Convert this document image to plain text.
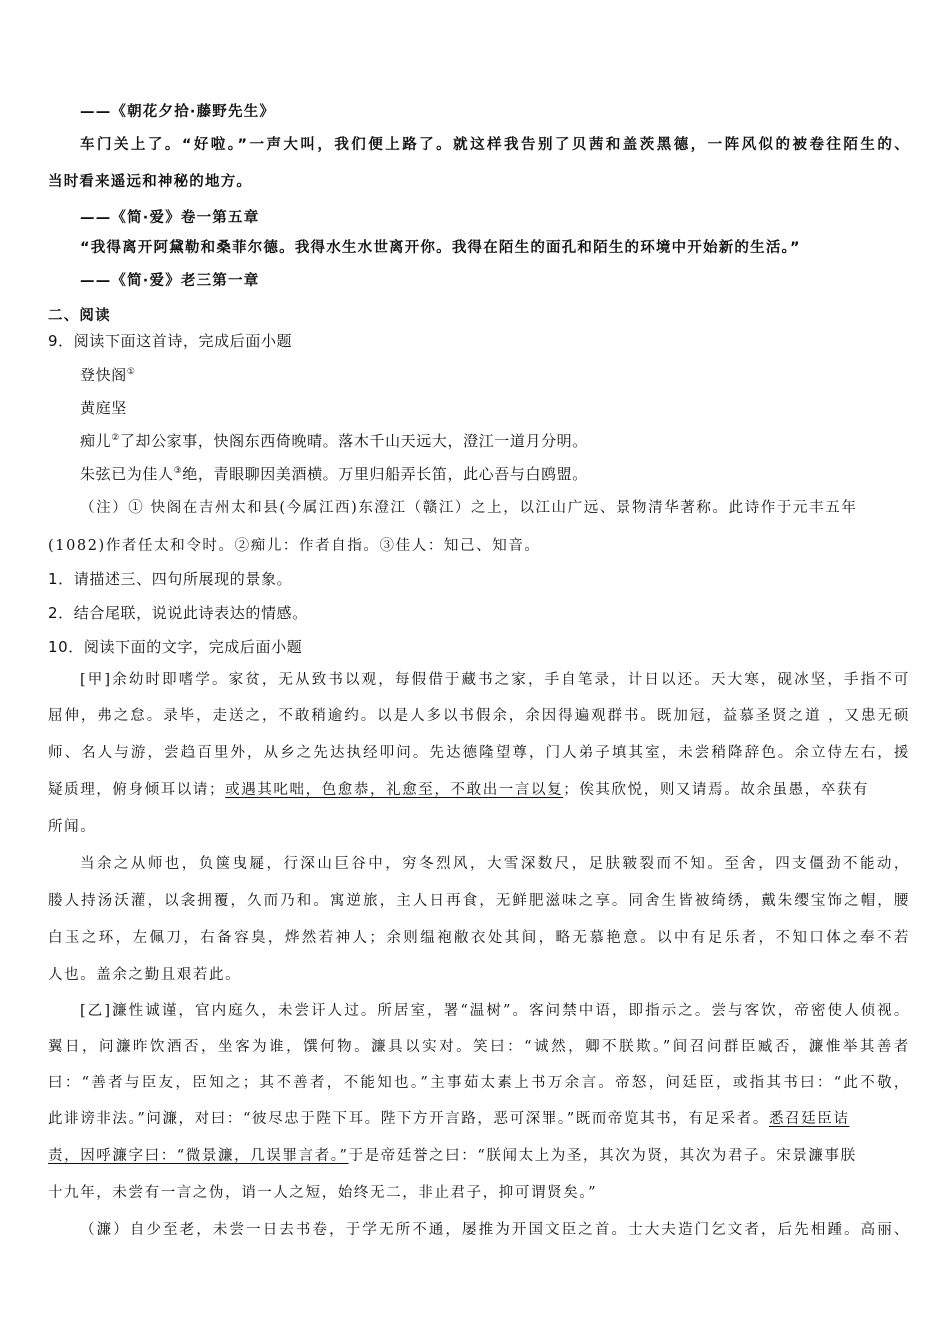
——《朝花夕拾·藤野先生》
车门关上了。“好啦。”一声大叫，我们便上路了。就这样我告别了贝茜和盖茨黑德，一阵风似的被卷往陌生的、
当时看来遥远和神秘的地方。
——《简·爱》卷一第五章
“我得离开阿黛勒和桑菲尔德。我得水生水世离开你。我得在陌生的面孔和陌生的环境中开始新的生活。”
——《简·爱》老三第一章
二、阅读
9．阅读下面这首诗，完成后面小题
登快阁①
黄庭坚
痴儿②了却公家事，快阁东西倚晚晴。落木千山天远大，澄江一道月分明。
朱弦已为佳人③绝，青眼聊因美酒横。万里归船弄长笛，此心吾与白鸥盟。
（注）① 快阁在吉州太和县(今属江西)东澄江（赣江）之上，以江山广远、景物清华著称。此诗作于元丰五年
(1082)作者任太和令时。②痴儿：作者自指。③佳人：知己、知音。
1．请描述三、四句所展现的景象。
2．结合尾联，说说此诗表达的情感。
10．阅读下面的文字，完成后面小题
[甲]余幼时即嗜学。家贫，无从致书以观，每假借于藏书之家，手自笔录，计日以还。天大寒，砚冰坚，手指不可
屈伸，弗之怠。录毕，走送之，不敢稍逾约。以是人多以书假余，余因得遍观群书。既加冠，益慕圣贤之道 ，又患无硕
师、名人与游，尝趋百里外，从乡之先达执经叩问。先达德隆望尊，门人弟子填其室，未尝稍降辞色。余立侍左右，援
疑质理，俯身倾耳以请；或遇其叱咄，色愈恭，礼愈至，不敢出一言以复；俟其欣悦，则又请焉。故余虽愚，卒获有
所闻。
当余之从师也，负箧曳屣，行深山巨谷中，穷冬烈风，大雪深数尺，足肤皲裂而不知。至舍，四支僵劲不能动，
媵人持汤沃灌，以衾拥覆，久而乃和。寓逆旅，主人日再食，无鲜肥滋味之享。同舍生皆被绮绣，戴朱缨宝饰之帽，腰
白玉之环，左佩刀，右备容臭，烨然若神人；余则缊袍敝衣处其间，略无慕艳意。以中有足乐者，不知口体之奉不若
人也。盖余之勤且艰若此。
[乙]濂性诚谨，官内庭久，未尝讦人过。所居室，署“温树”。客问禁中语，即指示之。尝与客饮，帝密使人侦视。
翼日，问濂昨饮酒否，坐客为谁，馔何物。濂具以实对。笑曰：“诚然，卿不朕欺。”间召问群臣臧否，濂惟举其善者
曰：“善者与臣友，臣知之；其不善者，不能知也。”主事茹太素上书万余言。帝怒，问廷臣，或指其书曰：“此不敬，
此诽谤非法。”问濂，对曰：“彼尽忠于陛下耳。陛下方开言路，恶可深罪。”既而帝览其书，有足采者。悉召廷臣诘
责，因呼濂字曰：“微景濂，几误罪言者。”于是帝廷誉之曰：“朕闻太上为圣，其次为贤，其次为君子。宋景濂事朕
十九年，未尝有一言之伪，诮一人之短，始终无二，非止君子，抑可谓贤矣。”
（濂）自少至老，未尝一日去书卷，于学无所不通，屡推为开国文臣之首。士大夫造门乞文者，后先相踵。高丽、
